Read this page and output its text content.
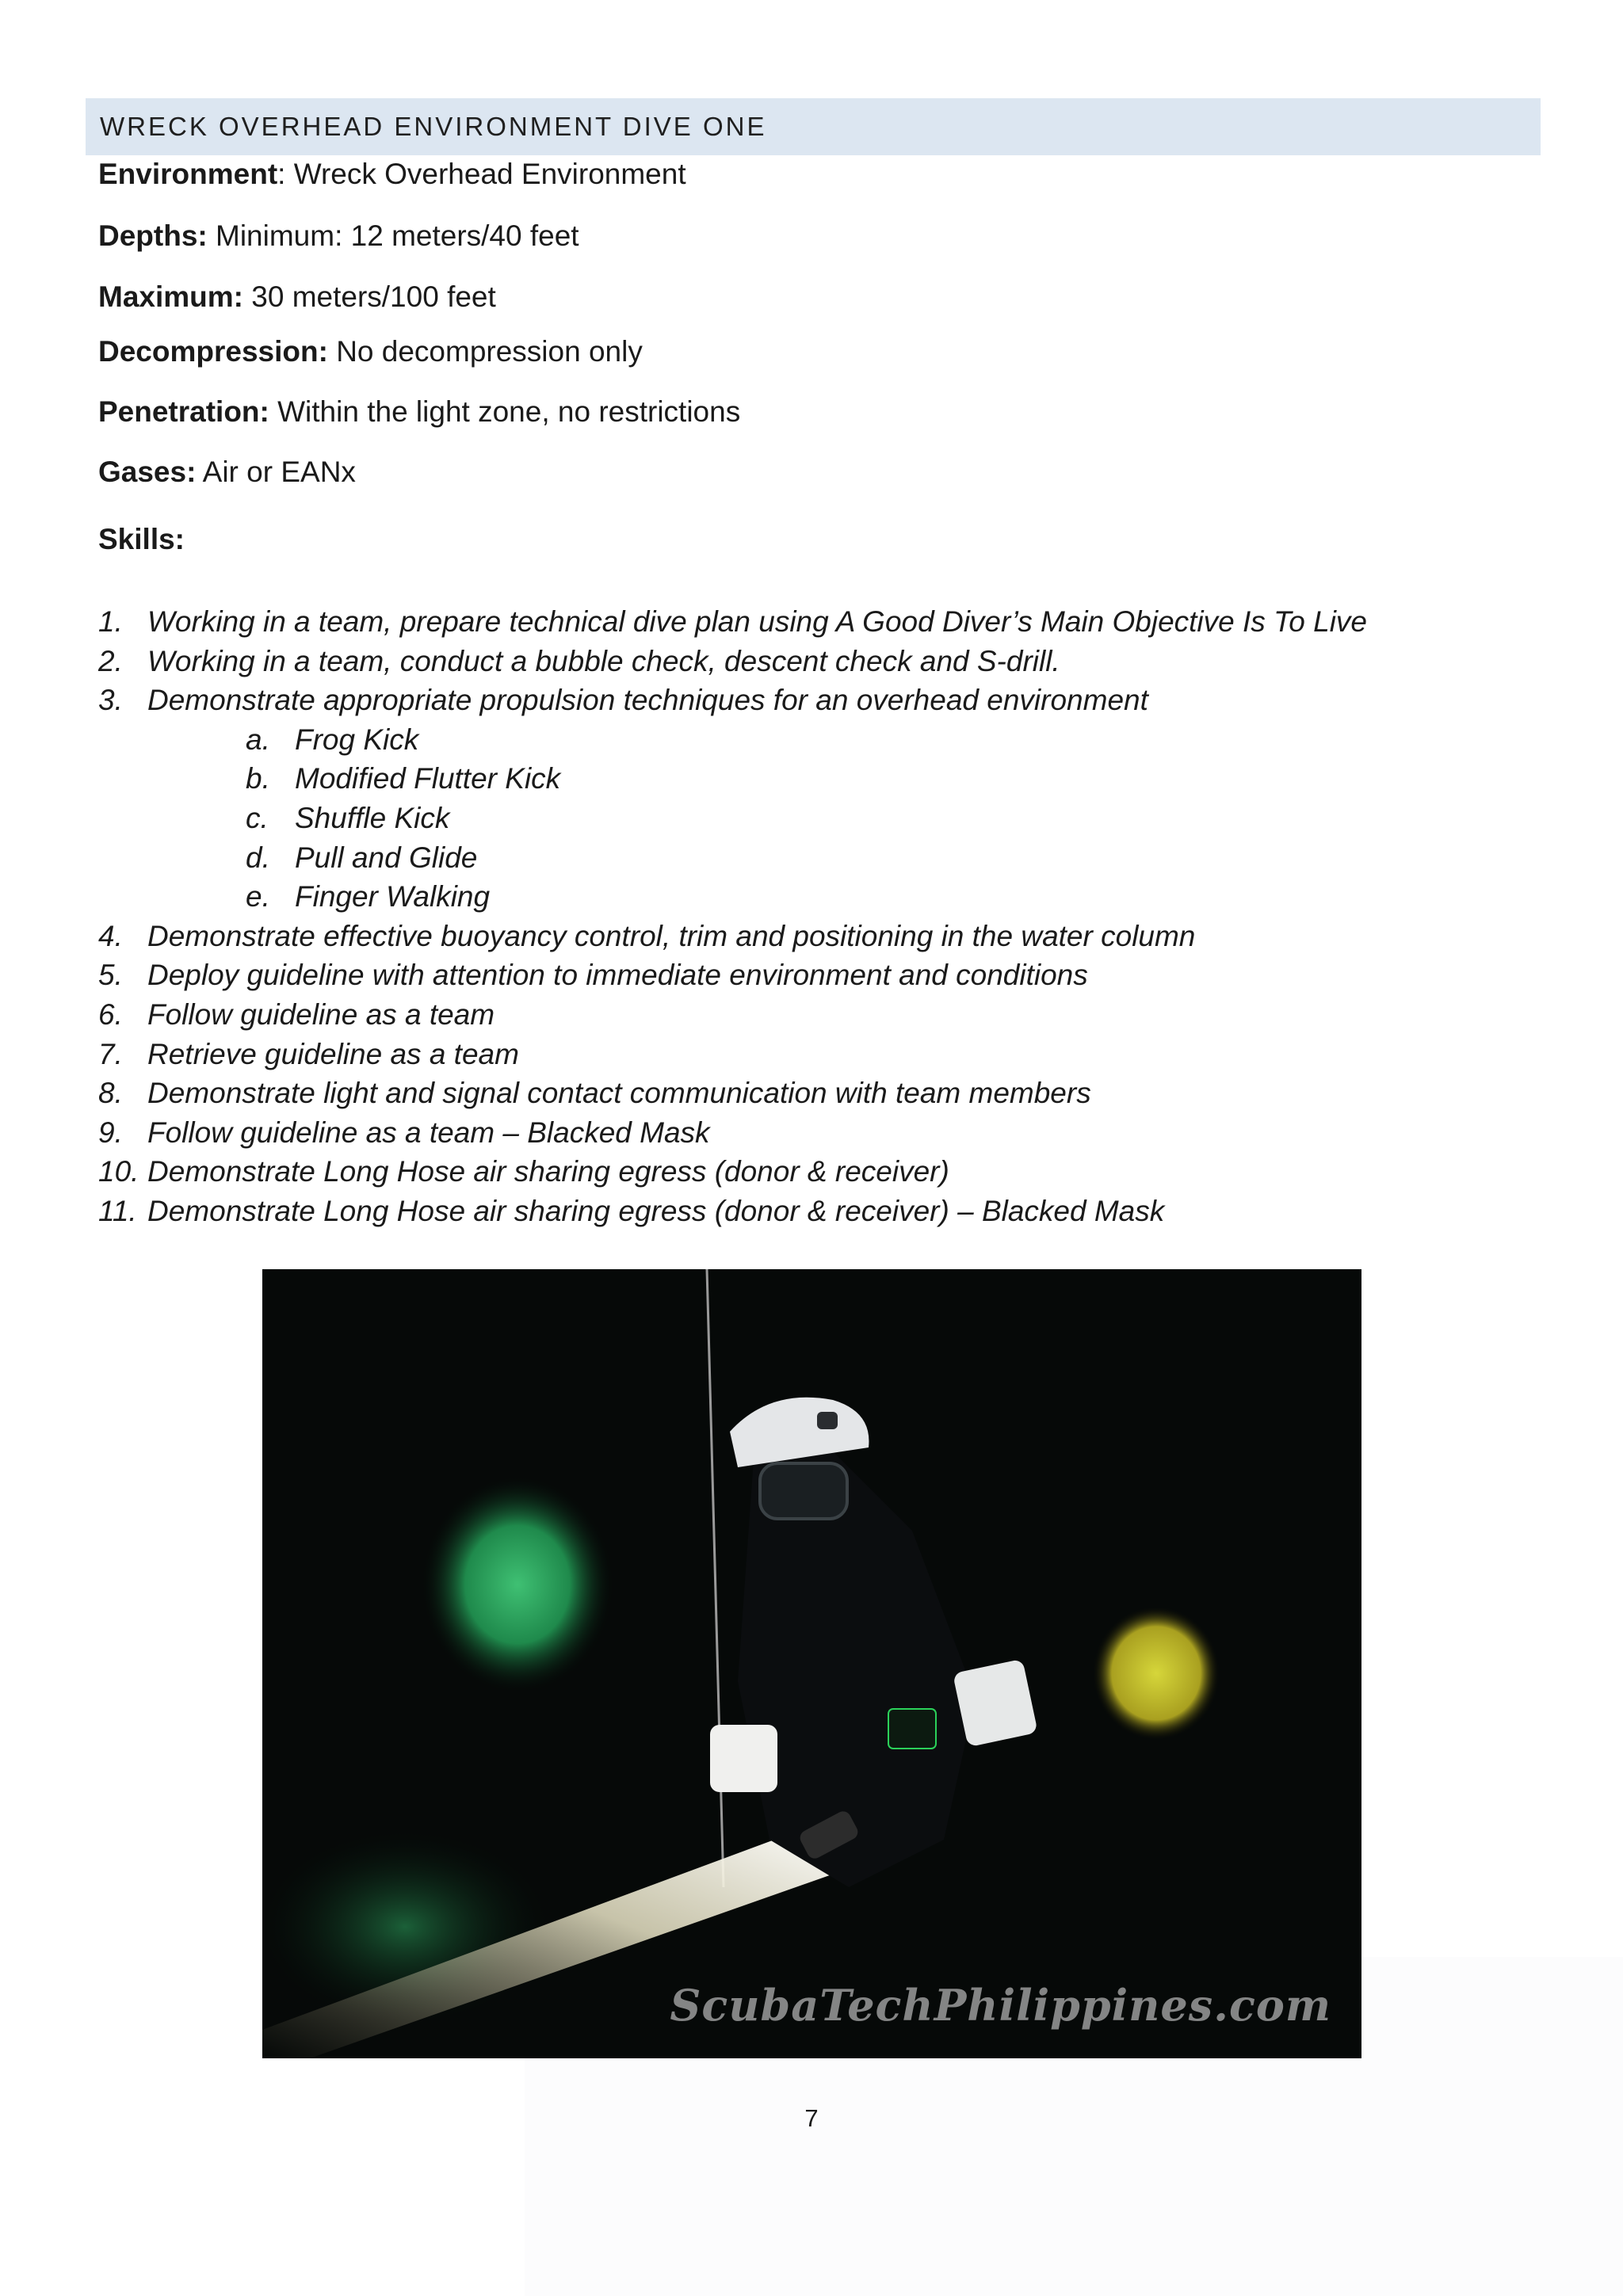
WRECK OVERHEAD ENVIRONMENT DIVE ONE
Environment: Wreck Overhead Environment
Depths: Minimum: 12 meters/40 feet
Maximum: 30 meters/100 feet
Decompression: No decompression only
Penetration: Within the light zone, no restrictions
Gases: Air or EANx
Skills:
1. Working in a team, prepare technical dive plan using A Good Diver’s Main Objective Is To Live
2. Working in a team, conduct a bubble check, descent check and S-drill.
3. Demonstrate appropriate propulsion techniques for an overhead environment
a. Frog Kick
b. Modified Flutter Kick
c. Shuffle Kick
d. Pull and Glide
e. Finger Walking
4. Demonstrate effective buoyancy control, trim and positioning in the water column
5. Deploy guideline with attention to immediate environment and conditions
6. Follow guideline as a team
7. Retrieve guideline as a team
8. Demonstrate light and signal contact communication with team members
9. Follow guideline as a team – Blacked Mask
10. Demonstrate Long Hose air sharing egress (donor & receiver)
11. Demonstrate Long Hose air sharing egress (donor & receiver) – Blacked Mask
ScubaTechPhilippines.com
7
